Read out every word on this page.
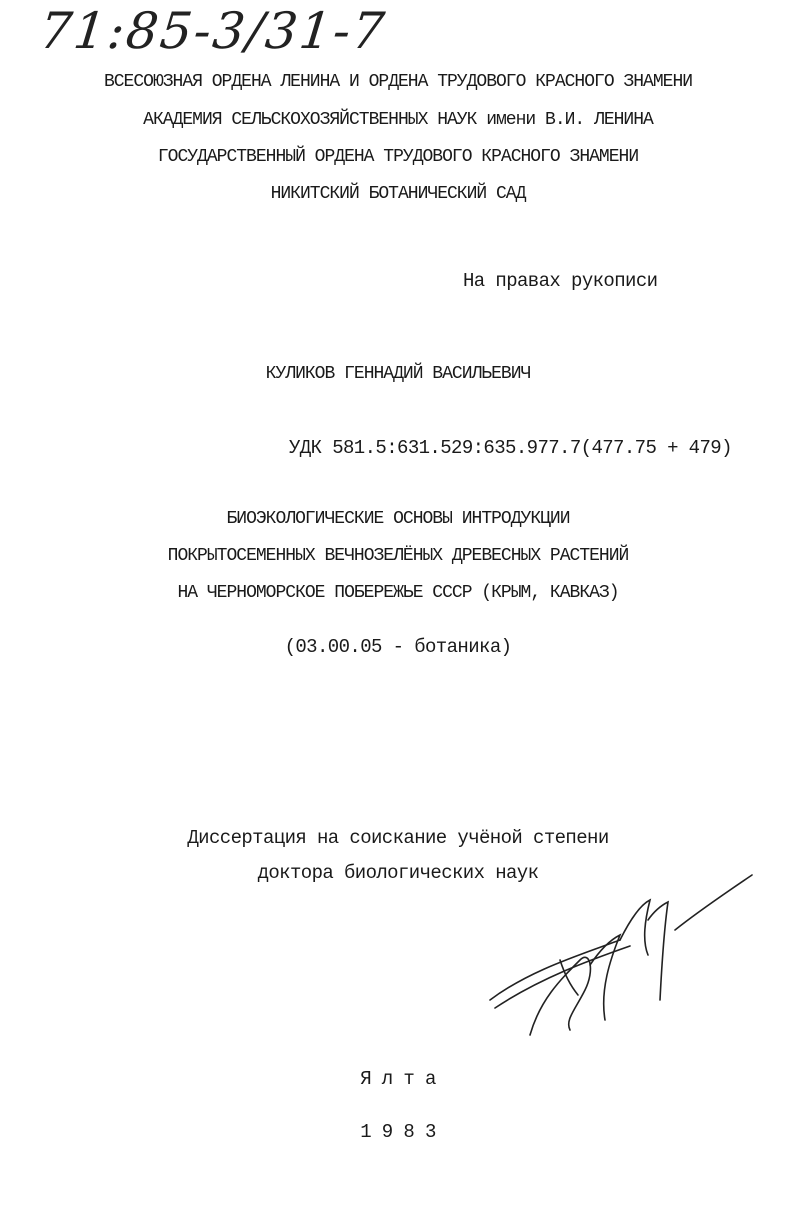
71:85-3/31-7
ВСЕСОЮЗНАЯ ОРДЕНА ЛЕНИНА И ОРДЕНА ТРУДОВОГО КРАСНОГО ЗНАМЕНИ
АКАДЕМИЯ СЕЛЬСКОХОЗЯЙСТВЕННЫХ НАУК имени В.И. ЛЕНИНА
ГОСУДАРСТВЕННЫЙ ОРДЕНА ТРУДОВОГО КРАСНОГО ЗНАМЕНИ
НИКИТСКИЙ БОТАНИЧЕСКИЙ САД
На правах рукописи
КУЛИКОВ ГЕННАДИЙ ВАСИЛЬЕВИЧ
УДК 581.5:631.529:635.977.7(477.75 + 479)
БИОЭКОЛОГИЧЕСКИЕ ОСНОВЫ ИНТРОДУКЦИИ
ПОКРЫТОСЕМЕННЫХ ВЕЧНОЗЕЛЁНЫХ ДРЕВЕСНЫХ РАСТЕНИЙ
НА ЧЕРНОМОРСКОЕ ПОБЕРЕЖЬЕ СССР (КРЫМ, КАВКАЗ)
(03.00.05 - ботаника)
Диссертация на соискание учёной степени
доктора биологических наук
Я л т а
1 9 8 3
